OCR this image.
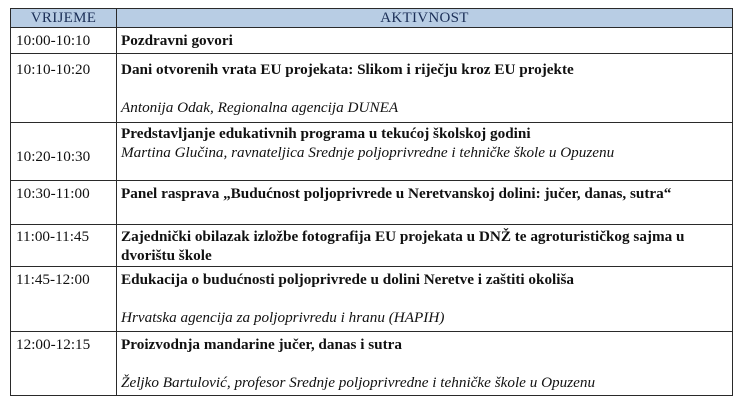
VRIJEME	AKTIVNOST
10:00-10:10	Pozdravni govori

10:10-10:20	Dani otvorenih vrata EU projekata: Slikom i riječju kroz EU projekte
Antonija Odak, Regionalna agencija DUNEA

10:20-10:30	Predstavljanje edukativnih programa u tekućoj školskoj godini
Martina Glučina, ravnateljica Srednje poljoprivredne i tehničke škole u Opuzenu

10:30-11:00	Panel rasprava „Budućnost poljoprivrede u Neretvanskoj dolini: jučer, danas, sutra“

11:00-11:45	Zajednički obilazak izložbe fotografija EU projekata u DNŽ te agroturističkog sajma u dvorištu škole

11:45-12:00	Edukacija o budućnosti poljoprivrede u dolini Neretve i zaštiti okoliša
Hrvatska agencija za poljoprivredu i hranu (HAPIH)

12:00-12:15	Proizvodnja mandarine jučer, danas i sutra
Željko Bartulović, profesor Srednje poljoprivredne i tehničke škole u Opuzenu
